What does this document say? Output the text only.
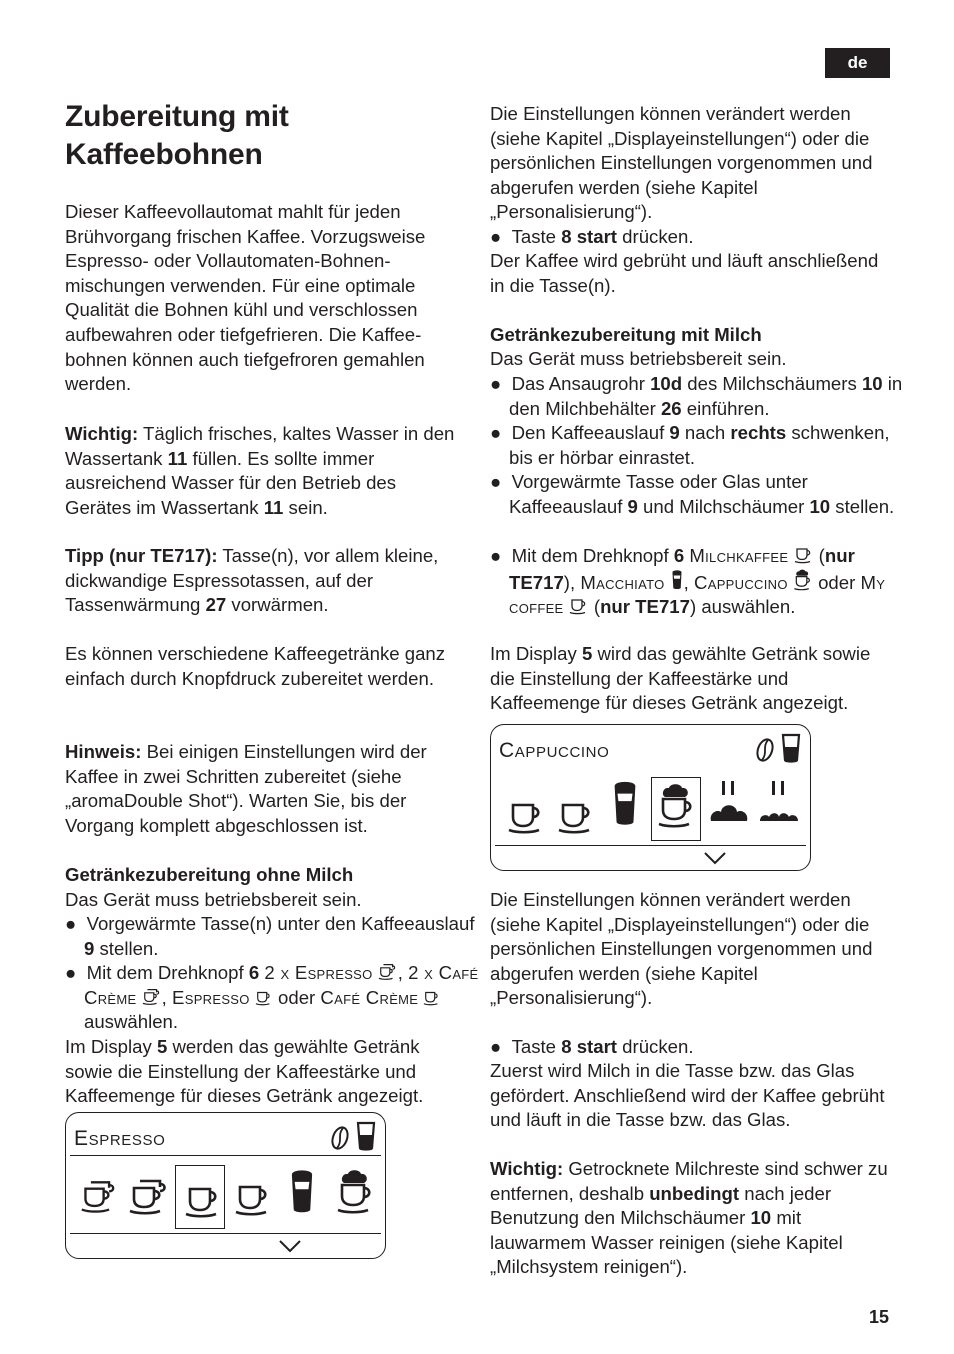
de
15
Zubereitung mit Kaffeebohnen

Dieser Kaffeevollautomat mahlt für jeden Brühvorgang frischen Kaffee. Vorzugsweise Espresso- oder Vollautomaten-Bohnenmischungen verwenden. Für eine optimale Qualität die Bohnen kühl und verschlossen aufbewahren oder tiefgefrieren. Die Kaffeebohnen können auch tiefgefroren gemahlen werden.

Wichtig: Täglich frisches, kaltes Wasser in den Wassertank 11 füllen. Es sollte immer ausreichend Wasser für den Betrieb des Gerätes im Wassertank 11 sein.

Tipp (nur TE717): Tasse(n), vor allem kleine, dickwandige Espressotassen, auf der Tassenwärmung 27 vorwärmen.

Es können verschiedene Kaffeegetränke ganz einfach durch Knopfdruck zubereitet werden.

Hinweis: Bei einigen Einstellungen wird der Kaffee in zwei Schritten zubereitet (siehe „aromaDouble Shot“). Warten Sie, bis der Vorgang komplett abgeschlossen ist.

Getränkezubereitung ohne Milch

Das Gerät muss betriebsbereit sein.

●  Vorgewärmte Tasse(n) unter den Kaffeeauslauf 9 stellen.

●  Mit dem Drehknopf 6 2 x Espresso , 2 x Café Crème , Espresso  oder Café Crème  auswählen.

Im Display 5 werden das gewählte Getränk sowie die Einstellung der Kaffeestärke und Kaffeemenge für dieses Getränk angezeigt.

Espresso

Die Einstellungen können verändert werden (siehe Kapitel „Displayeinstellungen“) oder die persönlichen Einstellungen vorgenommen und abgerufen werden (siehe Kapitel „Personalisierung“).

●  Taste 8 start drücken.

Der Kaffee wird gebrüht und läuft anschließend in die Tasse(n).

Getränkezubereitung mit Milch

Das Gerät muss betriebsbereit sein.

●  Das Ansaugrohr 10d des Milchschäumers 10 in den Milchbehälter 26 einführen.

●  Den Kaffeeauslauf 9 nach rechts schwenken, bis er hörbar einrastet.

●  Vorgewärmte Tasse oder Glas unter Kaffeeauslauf 9 und Milchschäumer 10 stellen.

●  Mit dem Drehknopf 6 Milchkaffee  (nur TE717), Macchiato , Cappuccino  oder My coffee  (nur TE717) auswählen.

Im Display 5 wird das gewählte Getränk sowie die Einstellung der Kaffeestärke und Kaffeemenge für dieses Getränk angezeigt.

Cappuccino

Die Einstellungen können verändert werden (siehe Kapitel „Displayeinstellungen“) oder die persönlichen Einstellungen vorgenommen und abgerufen werden (siehe Kapitel „Personalisierung“).

●  Taste 8 start drücken.

Zuerst wird Milch in die Tasse bzw. das Glas gefördert. Anschließend wird der Kaffee gebrüht und läuft in die Tasse bzw. das Glas.

Wichtig: Getrocknete Milchreste sind schwer zu entfernen, deshalb unbedingt nach jeder Benutzung den Milchschäumer 10 mit lauwarmem Wasser reinigen (siehe Kapitel „Milchsystem reinigen“).
